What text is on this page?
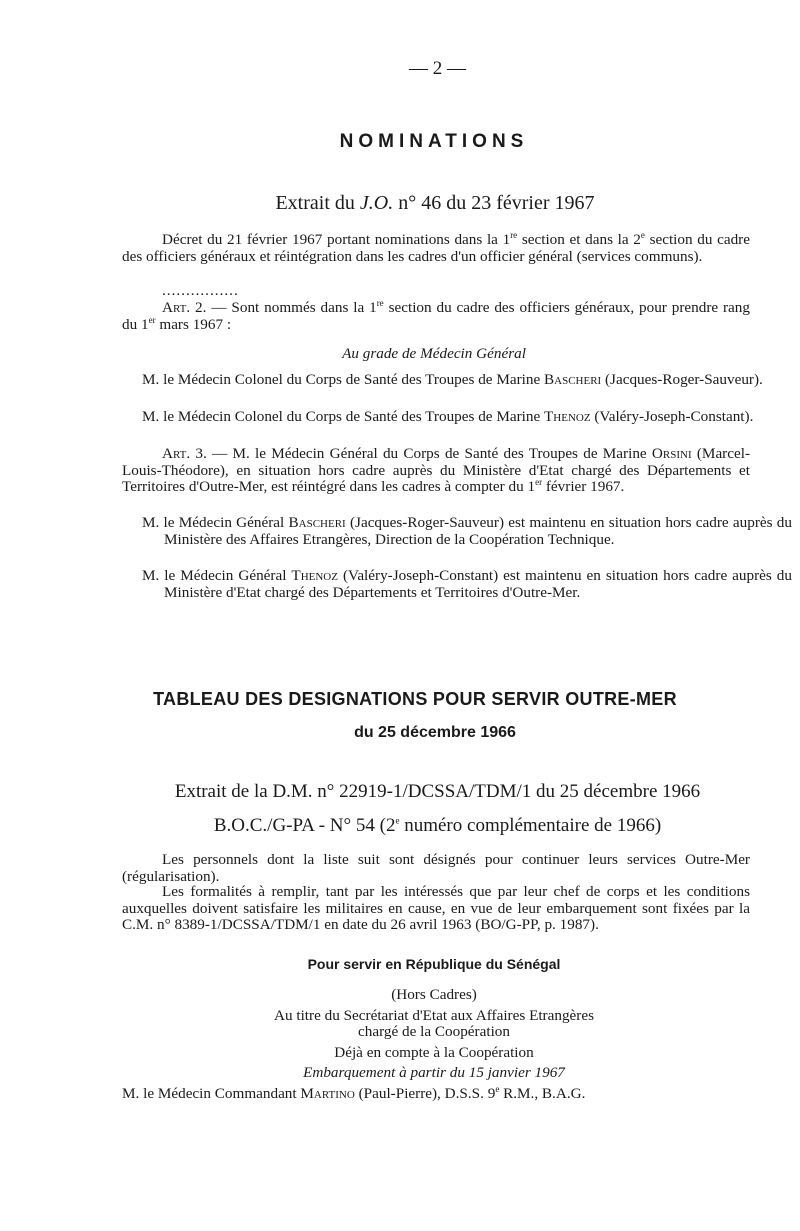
— 2 —
NOMINATIONS
Extrait du J.O. n° 46 du 23 février 1967
Décret du 21 février 1967 portant nominations dans la 1re section et dans la 2e section du cadre des officiers généraux et réintégration dans les cadres d'un officier général (services communs).
................
Art. 2. — Sont nommés dans la 1re section du cadre des officiers généraux, pour prendre rang du 1er mars 1967 :
Au grade de Médecin Général
M. le Médecin Colonel du Corps de Santé des Troupes de Marine Bascheri (Jacques-Roger-Sauveur).
M. le Médecin Colonel du Corps de Santé des Troupes de Marine Thenoz (Valéry-Joseph-Constant).
Art. 3. — M. le Médecin Général du Corps de Santé des Troupes de Marine Orsini (Marcel-Louis-Théodore), en situation hors cadre auprès du Ministère d'Etat chargé des Départements et Territoires d'Outre-Mer, est réintégré dans les cadres à compter du 1er février 1967.
M. le Médecin Général Bascheri (Jacques-Roger-Sauveur) est maintenu en situation hors cadre auprès du Ministère des Affaires Etrangères, Direction de la Coopération Technique.
M. le Médecin Général Thenoz (Valéry-Joseph-Constant) est maintenu en situation hors cadre auprès du Ministère d'Etat chargé des Départements et Territoires d'Outre-Mer.
TABLEAU DES DESIGNATIONS POUR SERVIR OUTRE-MER
du 25 décembre 1966
Extrait de la D.M. n° 22919-1/DCSSA/TDM/1 du 25 décembre 1966
B.O.C./G-PA - N° 54 (2e numéro complémentaire de 1966)
Les personnels dont la liste suit sont désignés pour continuer leurs services Outre-Mer (régularisation).
Les formalités à remplir, tant par les intéressés que par leur chef de corps et les conditions auxquelles doivent satisfaire les militaires en cause, en vue de leur embarquement sont fixées par la C.M. n° 8389-1/DCSSA/TDM/1 en date du 26 avril 1963 (BO/G-PP, p. 1987).
Pour servir en République du Sénégal
(Hors Cadres)
Au titre du Secrétariat d'Etat aux Affaires Etrangères
chargé de la Coopération
Déjà en compte à la Coopération
Embarquement à partir du 15 janvier 1967
M. le Médecin Commandant Martino (Paul-Pierre), D.S.S. 9e R.M., B.A.G.
